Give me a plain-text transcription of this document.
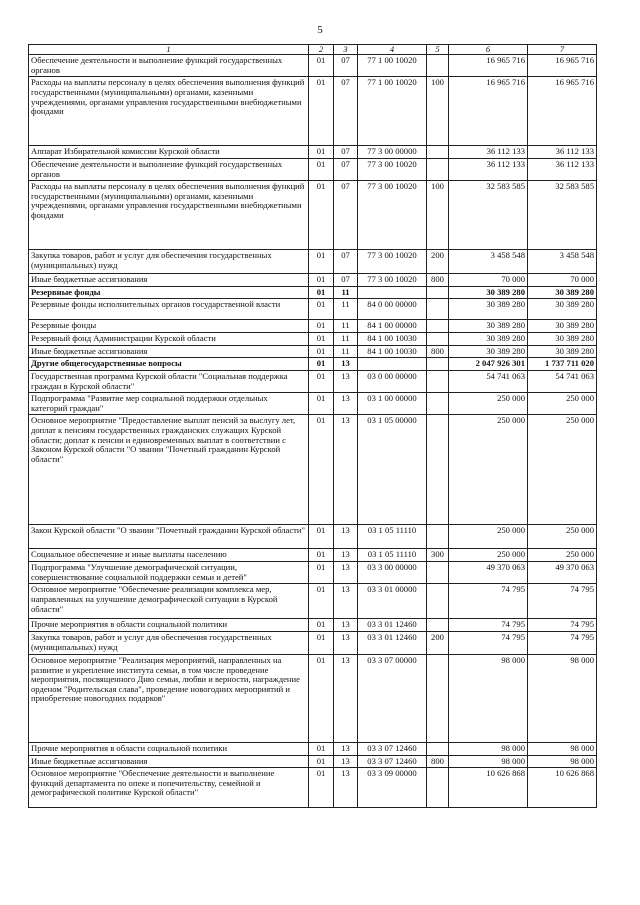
5
1	2	3	4	5	6	7
Обеспечение деятельности и выполнение функций государственных органов	01	07	77 1 00 10020		16 965 716	16 965 716
Расходы на выплаты персоналу в целях обеспечения выполнения функций государственными (муниципальными) органами, казенными учреждениями, органами управления государственными внебюджетными фондами	01	07	77 1 00 10020	100	16 965 716	16 965 716
Аппарат Избирательной комиссии Курской области	01	07	77 3 00 00000		36 112 133	36 112 133
Обеспечение деятельности и выполнение функций государственных органов	01	07	77 3 00 10020		36 112 133	36 112 133
Расходы на выплаты персоналу в целях обеспечения выполнения функций государственными (муниципальными) органами, казенными учреждениями, органами управления государственными внебюджетными фондами	01	07	77 3 00 10020	100	32 583 585	32 583 585
Закупка товаров, работ и услуг для обеспечения государственных (муниципальных) нужд	01	07	77 3 00 10020	200	3 458 548	3 458 548
Иные бюджетные ассигнования	01	07	77 3 00 10020	800	70 000	70 000
Резервные фонды	01	11			30 389 280	30 389 280
Резервные фонды исполнительных органов государственной власти	01	11	84 0 00 00000		30 389 280	30 389 280
Резервные фонды	01	11	84 1 00 00000		30 389 280	30 389 280
Резервный фонд Администрации Курской области	01	11	84 1 00 10030		30 389 280	30 389 280
Иные бюджетные ассигнования	01	11	84 1 00 10030	800	30 389 280	30 389 280
Другие общегосударственные вопросы	01	13			2 047 926 301	1 737 711 020
Государственная программа Курской области "Социальная поддержка граждан в Курской области"	01	13	03 0 00 00000		54 741 063	54 741 063
Подпрограмма "Развитие мер социальной поддержки отдельных категорий граждан"	01	13	03 1 00 00000		250 000	250 000
Основное мероприятие "Предоставление выплат пенсий за выслугу лет, доплат к пенсиям государственных гражданских служащих Курской области; доплат к пенсии и единовременных выплат в соответствии с Законом Курской области "О звании "Почетный гражданин Курской области"	01	13	03 1 05 00000		250 000	250 000
Закон Курской области "О звании "Почетный гражданин Курской области"	01	13	03 1 05 11110		250 000	250 000
Социальное обеспечение и иные выплаты населению	01	13	03 1 05 11110	300	250 000	250 000
Подпрограмма "Улучшение демографической ситуации, совершенствование социальной поддержки семьи и детей"	01	13	03 3 00 00000		49 370 063	49 370 063
Основное мероприятие "Обеспечение реализации комплекса мер, направленных на улучшение демографической ситуации в Курской области"	01	13	03 3 01 00000		74 795	74 795
Прочие мероприятия в области социальной политики	01	13	03 3 01 12460		74 795	74 795
Закупка товаров, работ и услуг для обеспечения государственных (муниципальных) нужд	01	13	03 3 01 12460	200	74 795	74 795
Основное мероприятие "Реализация мероприятий, направленных на развитие и укрепление института семьи, в том числе проведение мероприятия, посвященного Дню семьи, любви и верности, награждение орденом "Родительская слава", проведение новогодних мероприятий и приобретение новогодних подарков"	01	13	03 3 07 00000		98 000	98 000
Прочие мероприятия в области социальной политики	01	13	03 3 07 12460		98 000	98 000
Иные бюджетные ассигнования	01	13	03 3 07 12460	800	98 000	98 000
Основное мероприятие "Обеспечение деятельности и выполнение функций департамента по опеке и попечительству, семейной и демографической политике Курской области"	01	13	03 3 09 00000		10 626 868	10 626 868
